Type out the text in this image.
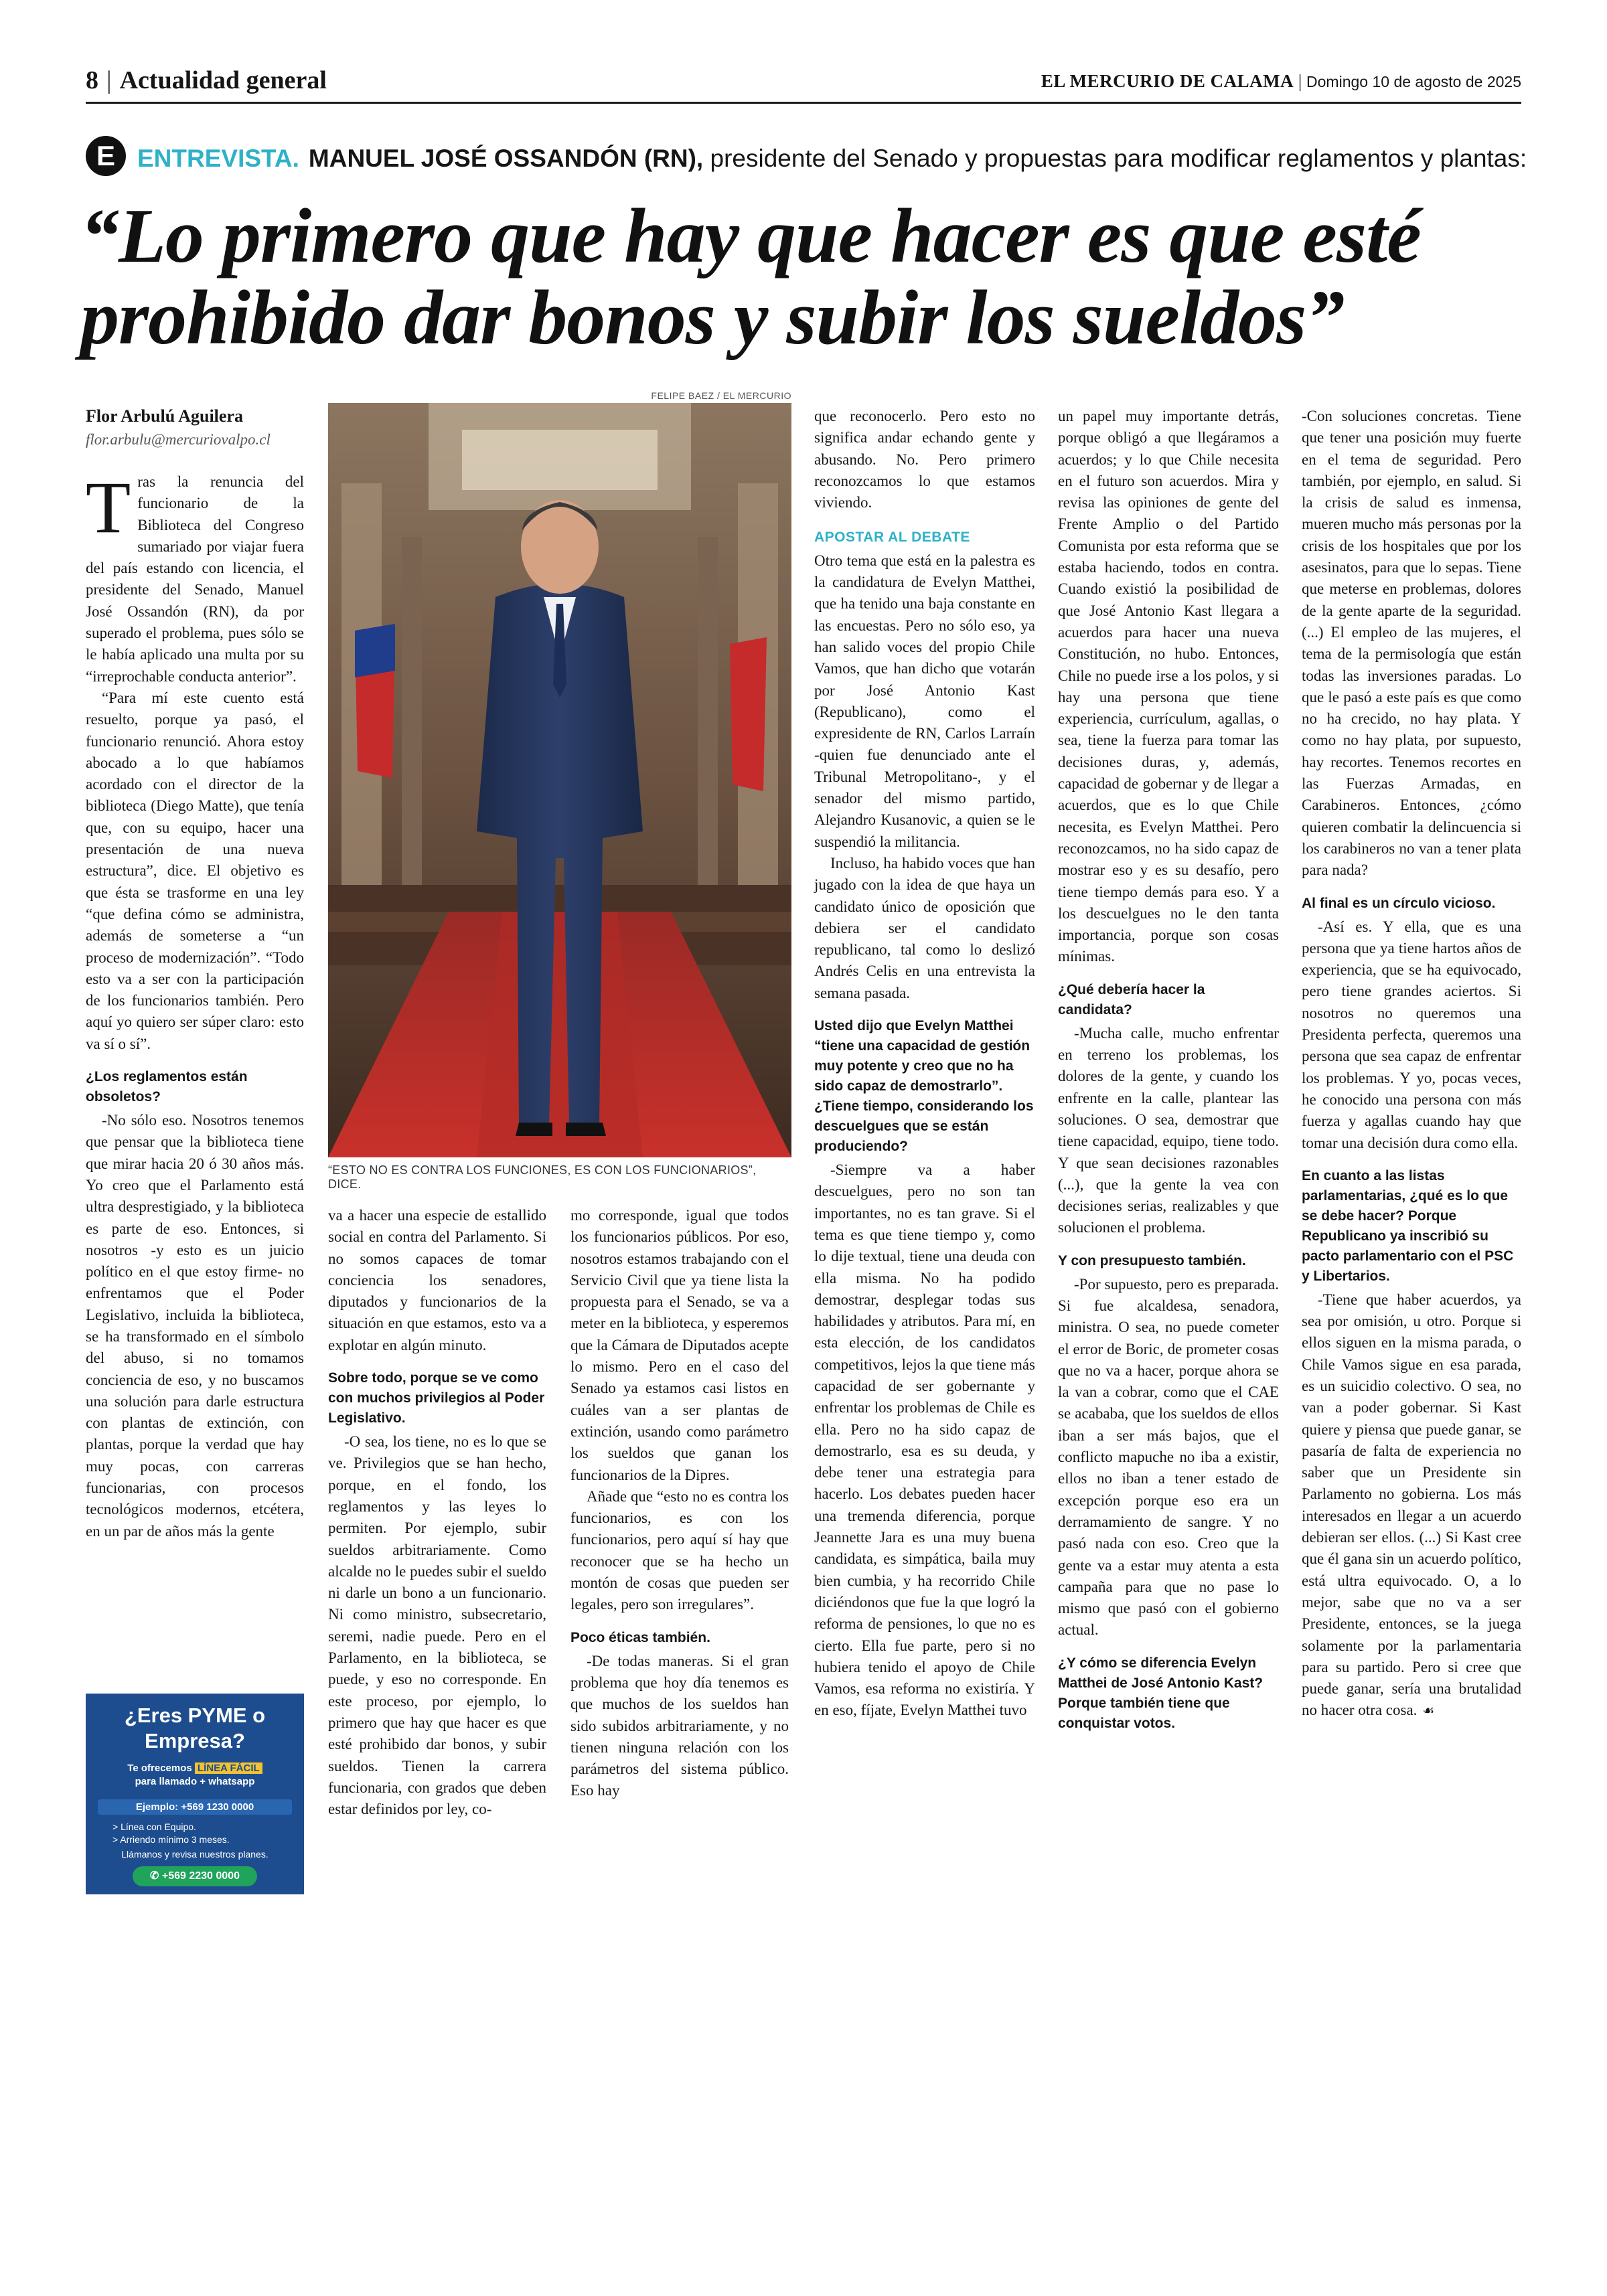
8 | Actualidad general	EL MERCURIO DE CALAMA | Domingo 10 de agosto de 2025
E ENTREVISTA. MANUEL JOSÉ OSSANDÓN (RN), presidente del Senado y propuestas para modificar reglamentos y plantas:
“Lo primero que hay que hacer es que esté
prohibido dar bonos y subir los sueldos”
Flor Arbulú Aguilera
flor.arbulu@mercuriovalpo.cl
FELIPE BAEZ / EL MERCURIO
“ESTO NO ES CONTRA LOS FUNCIONES, ES CON LOS FUNCIONARIOS”, DICE.

Tras la renuncia del funcionario de la Biblioteca del Congreso sumariado por viajar fuera del país estando con licencia, el presidente del Senado, Manuel José Ossandón (RN), da por superado el problema, pues sólo se le había aplicado una multa por su “irreprochable conducta anterior”.

“Para mí este cuento está resuelto, porque ya pasó, el funcionario renunció. Ahora estoy abocado a lo que habíamos acordado con el director de la biblioteca (Diego Matte), que tenía que, con su equipo, hacer una presentación de una nueva estructura”, dice. El objetivo es que ésta se trasforme en una ley “que defina cómo se administra, además de someterse a “un proceso de modernización”. “Todo esto va a ser con la participación de los funcionarios también. Pero aquí yo quiero ser súper claro: esto va sí o sí”.

¿Los reglamentos están obsoletos?

-No sólo eso. Nosotros tenemos que pensar que la biblioteca tiene que mirar hacia 20 ó 30 años más. Yo creo que el Parlamento está ultra desprestigiado, y la biblioteca es parte de eso. Entonces, si nosotros -y esto es un juicio político en el que estoy firme- no enfrentamos que el Poder Legislativo, incluida la biblioteca, se ha transformado en el símbolo del abuso, si no tomamos conciencia de eso, y no buscamos una solución para darle estructura con plantas de extinción, con plantas, porque la verdad que hay muy pocas, con carreras funcionarias, con procesos tecnológicos modernos, etcétera, en un par de años más la gente

va a hacer una especie de estallido social en contra del Parlamento. Si no somos capaces de tomar conciencia los senadores, diputados y funcionarios de la situación en que estamos, esto va a explotar en algún minuto.

Sobre todo, porque se ve como con muchos privilegios al Poder Legislativo.

-O sea, los tiene, no es lo que se ve. Privilegios que se han hecho, porque, en el fondo, los reglamentos y las leyes lo permiten. Por ejemplo, subir sueldos arbitrariamente. Como alcalde no le puedes subir el sueldo ni darle un bono a un funcionario. Ni como ministro, subsecretario, seremi, nadie puede. Pero en el Parlamento, en la biblioteca, se puede, y eso no corresponde. En este proceso, por ejemplo, lo primero que hay que hacer es que esté prohibido dar bonos, y subir sueldos. Tienen la carrera funcionaria, con grados que deben estar definidos por ley, co-

mo corresponde, igual que todos los funcionarios públicos. Por eso, nosotros estamos trabajando con el Servicio Civil que ya tiene lista la propuesta para el Senado, se va a meter en la biblioteca, y esperemos que la Cámara de Diputados acepte lo mismo. Pero en el caso del Senado ya estamos casi listos en cuáles van a ser plantas de extinción, usando como parámetro los sueldos que ganan los funcionarios de la Dipres.

Añade que “esto no es contra los funcionarios, es con los funcionarios, pero aquí sí hay que reconocer que se ha hecho un montón de cosas que pueden ser legales, pero son irregulares”.

Poco éticas también.

-De todas maneras. Si el gran problema que hoy día tenemos es que muchos de los sueldos han sido subidos arbitrariamente, y no tienen ninguna relación con los parámetros del sistema público. Eso hay

que reconocerlo. Pero esto no significa andar echando gente y abusando. No. Pero primero reconozcamos lo que estamos viviendo.

APOSTAR AL DEBATE

Otro tema que está en la palestra es la candidatura de Evelyn Matthei, que ha tenido una baja constante en las encuestas. Pero no sólo eso, ya han salido voces del propio Chile Vamos, que han dicho que votarán por José Antonio Kast (Republicano), como el expresidente de RN, Carlos Larraín -quien fue denunciado ante el Tribunal Metropolitano-, y el senador del mismo partido, Alejandro Kusanovic, a quien se le suspendió la militancia.

Incluso, ha habido voces que han jugado con la idea de que haya un candidato único de oposición que debiera ser el candidato republicano, tal como lo deslizó Andrés Celis en una entrevista la semana pasada.

Usted dijo que Evelyn Matthei “tiene una capacidad de gestión muy potente y creo que no ha sido capaz de demostrarlo”. ¿Tiene tiempo, considerando los descuelgues que se están produciendo?

-Siempre va a haber descuelgues, pero no son tan importantes, no es tan grave. Si el tema es que tiene tiempo y, como lo dije textual, tiene una deuda con ella misma. No ha podido demostrar, desplegar todas sus habilidades y atributos. Para mí, en esta elección, de los candidatos competitivos, lejos la que tiene más capacidad de ser gobernante y enfrentar los problemas de Chile es ella. Pero no ha sido capaz de demostrarlo, esa es su deuda, y debe tener una estrategia para hacerlo. Los debates pueden hacer una tremenda diferencia, porque Jeannette Jara es una muy buena candidata, es simpática, baila muy bien cumbia, y ha recorrido Chile diciéndonos que fue la que logró la reforma de pensiones, lo que no es cierto. Ella fue parte, pero si no hubiera tenido el apoyo de Chile Vamos, esa reforma no existiría. Y en eso, fíjate, Evelyn Matthei tuvo

un papel muy importante detrás, porque obligó a que llegáramos a acuerdos; y lo que Chile necesita en el futuro son acuerdos. Mira y revisa las opiniones de gente del Frente Amplio o del Partido Comunista por esta reforma que se estaba haciendo, todos en contra. Cuando existió la posibilidad de que José Antonio Kast llegara a acuerdos para hacer una nueva Constitución, no hubo. Entonces, Chile no puede irse a los polos, y si hay una persona que tiene experiencia, currículum, agallas, o sea, tiene la fuerza para tomar las decisiones duras, y, además, capacidad de gobernar y de llegar a acuerdos, que es lo que Chile necesita, es Evelyn Matthei. Pero reconozcamos, no ha sido capaz de mostrar eso y es su desafío, pero tiene tiempo demás para eso. Y a los descuelgues no le den tanta importancia, porque son cosas mínimas.

¿Qué debería hacer la candidata?

-Mucha calle, mucho enfrentar en terreno los problemas, los dolores de la gente, y cuando los enfrente en la calle, plantear las soluciones. O sea, demostrar que tiene capacidad, equipo, tiene todo. Y que sean decisiones razonables (...), que la gente la vea con decisiones serias, realizables y que solucionen el problema.

Y con presupuesto también.

-Por supuesto, pero es preparada. Si fue alcaldesa, senadora, ministra. O sea, no puede cometer el error de Boric, de prometer cosas que no va a hacer, porque ahora se la van a cobrar, como que el CAE se acababa, que los sueldos de ellos iban a ser más bajos, que el conflicto mapuche no iba a existir, ellos no iban a tener estado de excepción porque eso era un derramamiento de sangre. Y no pasó nada con eso. Creo que la gente va a estar muy atenta a esta campaña para que no pase lo mismo que pasó con el gobierno actual.

¿Y cómo se diferencia Evelyn Matthei de José Antonio Kast? Porque también tiene que conquistar votos.

-Con soluciones concretas. Tiene que tener una posición muy fuerte en el tema de seguridad. Pero también, por ejemplo, en salud. Si la crisis de salud es inmensa, mueren mucho más personas por la crisis de los hospitales que por los asesinatos, para que lo sepas. Tiene que meterse en problemas, dolores de la gente aparte de la seguridad. (...) El empleo de las mujeres, el tema de la permisología que están todas las inversiones paradas. Lo que le pasó a este país es que como no ha crecido, no hay plata. Y como no hay plata, por supuesto, hay recortes. Tenemos recortes en las Fuerzas Armadas, en Carabineros. Entonces, ¿cómo quieren combatir la delincuencia si los carabineros no van a tener plata para nada?

Al final es un círculo vicioso.

-Así es. Y ella, que es una persona que ya tiene hartos años de experiencia, que se ha equivocado, pero tiene grandes aciertos. Si nosotros no queremos una Presidenta perfecta, queremos una persona que sea capaz de enfrentar los problemas. Y yo, pocas veces, he conocido una persona con más fuerza y agallas cuando hay que tomar una decisión dura como ella.

En cuanto a las listas parlamentarias, ¿qué es lo que se debe hacer? Porque Republicano ya inscribió su pacto parlamentario con el PSC y Libertarios.

-Tiene que haber acuerdos, ya sea por omisión, u otro. Porque si ellos siguen en la misma parada, o Chile Vamos sigue en esa parada, es un suicidio colectivo. O sea, no van a poder gobernar. Si Kast quiere y piensa que puede ganar, se pasaría de falta de experiencia no saber que un Presidente sin Parlamento no gobierna. Los más interesados en llegar a un acuerdo debieran ser ellos. (...) Si Kast cree que él gana sin un acuerdo político, está ultra equivocado. O, a lo mejor, sabe que no va a ser Presidente, entonces, se la juega solamente por la parlamentaria para su partido. Pero si cree que puede ganar, sería una brutalidad no hacer otra cosa. ☙

¿Eres PYME o
Empresa?
Te ofrecemos LÍNEA FÁCIL
para llamado + whatsapp
Ejemplo: +569 1230 0000
> Línea con Equipo.
> Arriendo mínimo 3 meses.
Llámanos y revisa nuestros planes.
✆ +569 2230 0000
